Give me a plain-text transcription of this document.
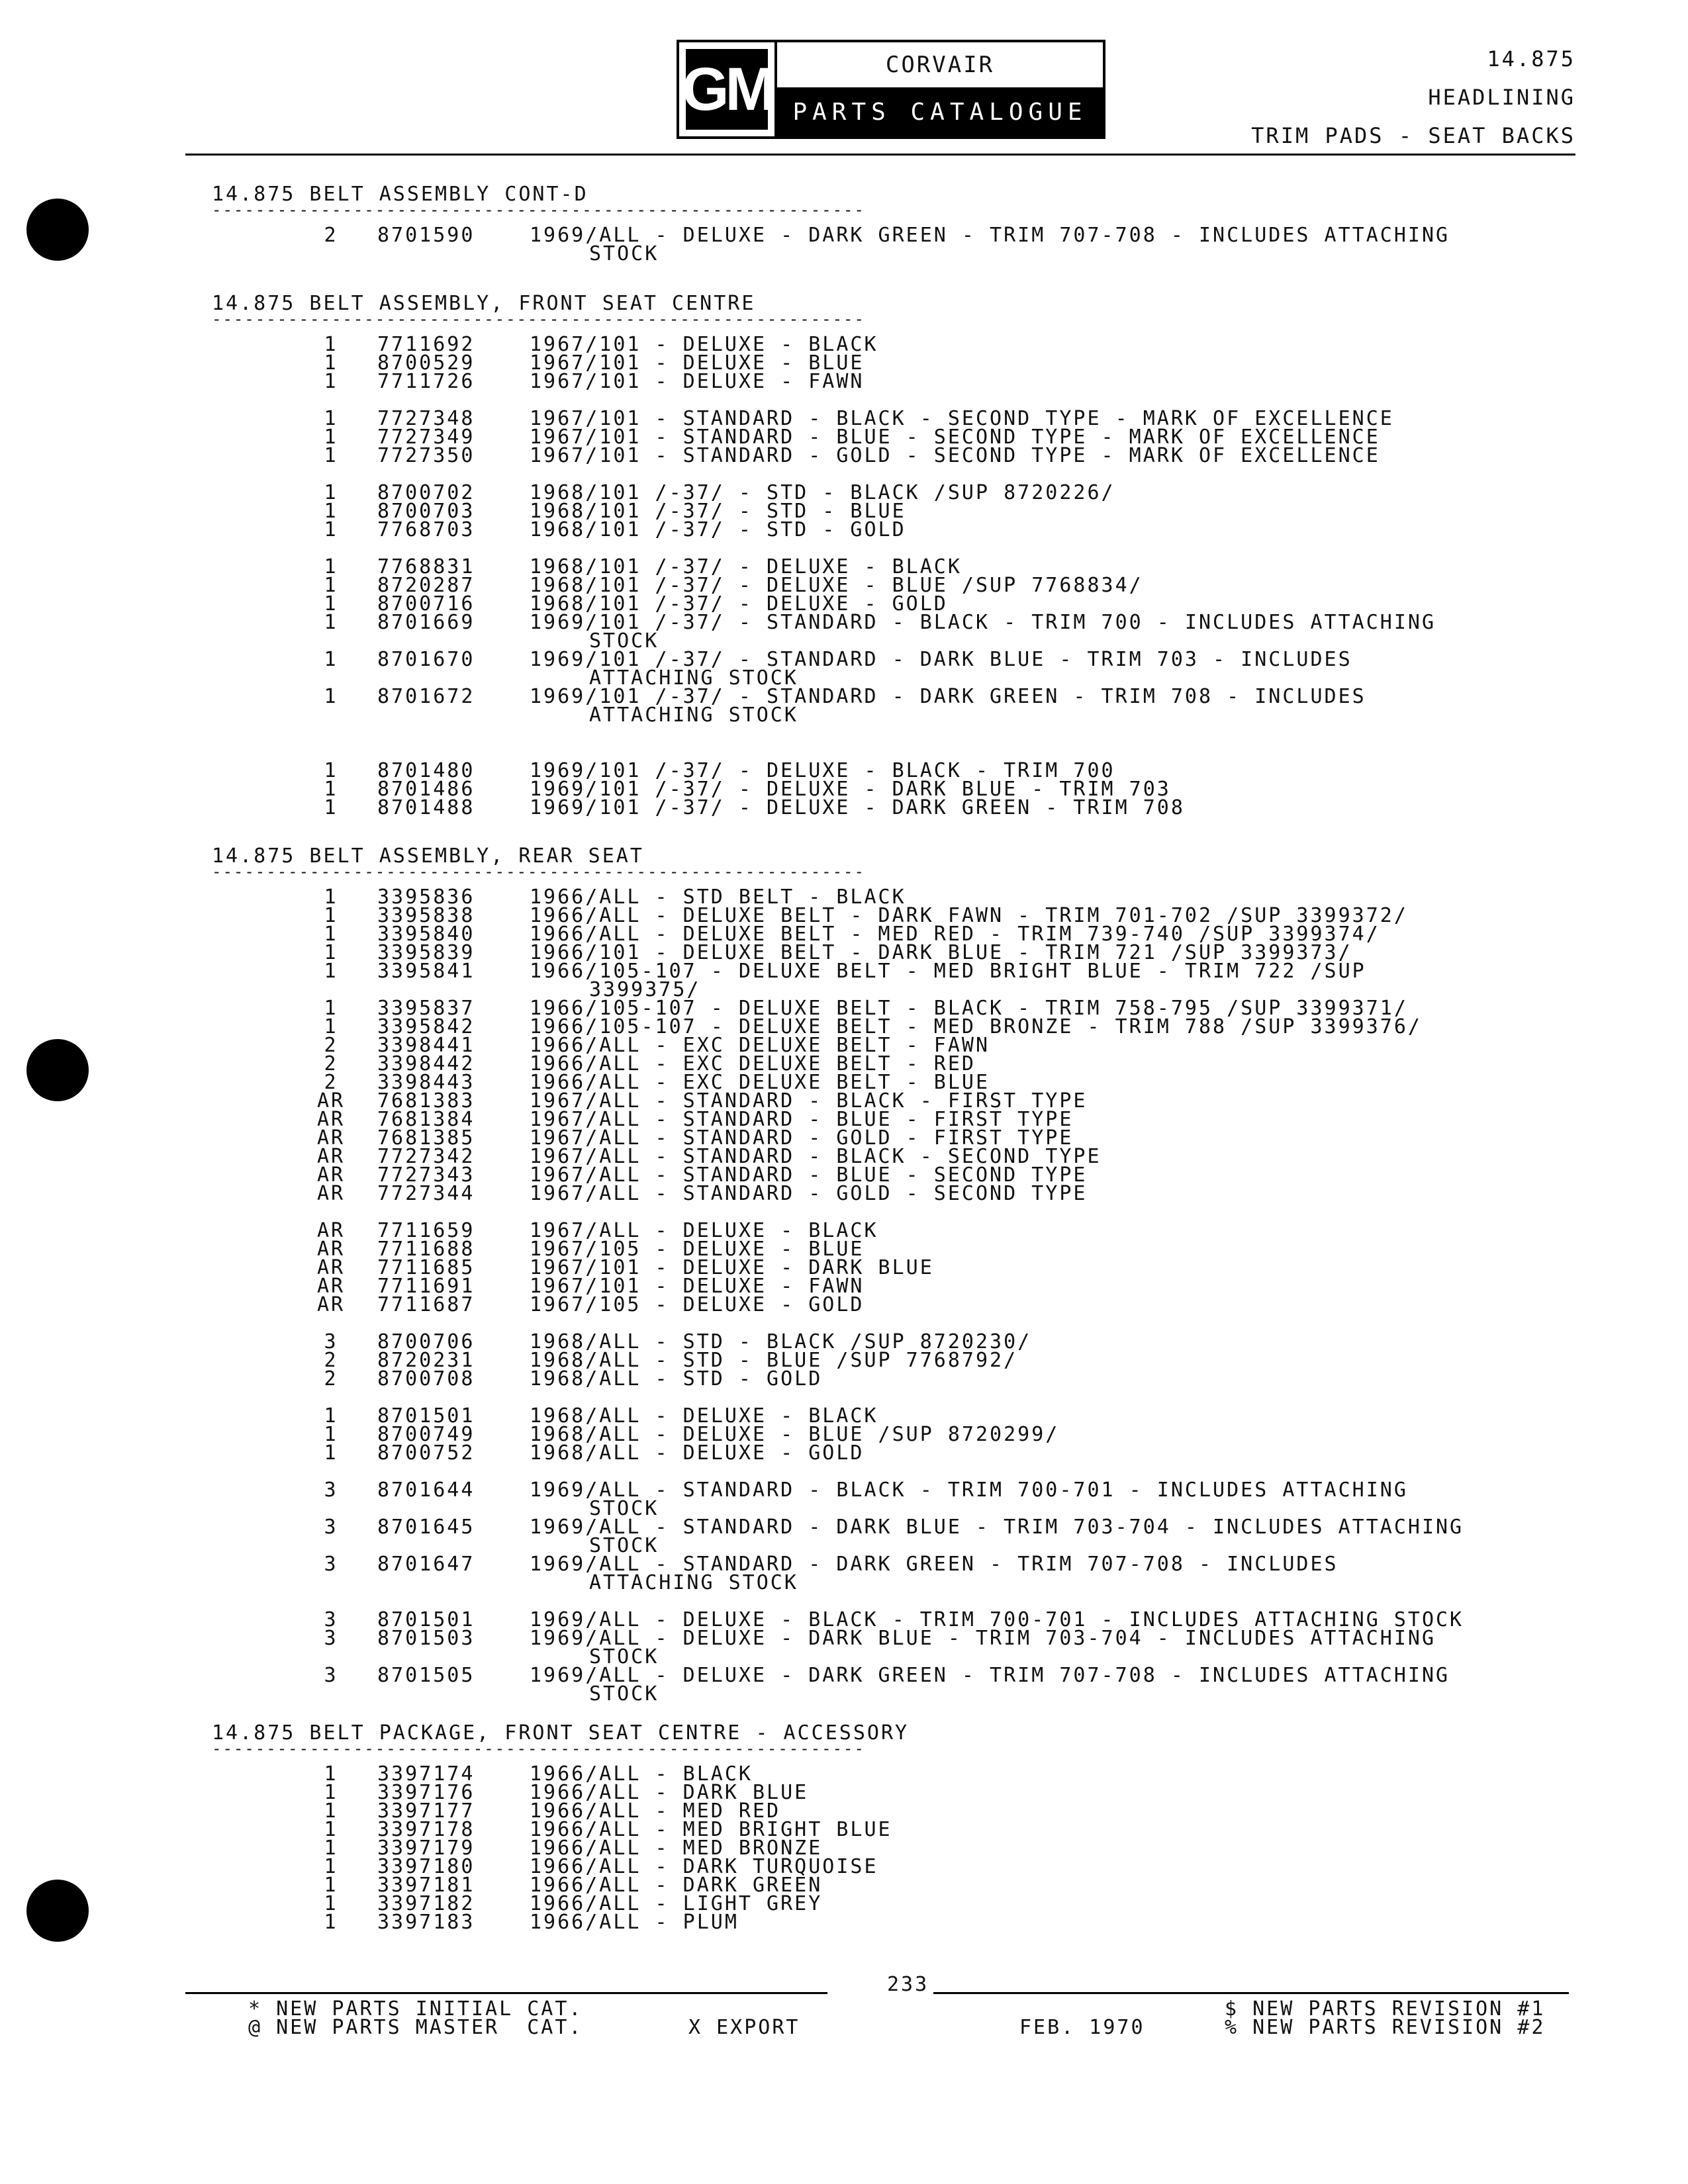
GM	CORVAIR
PARTS CATALOGUE
14.875
HEADLINING
TRIM PADS - SEAT BACKS
14.875 BELT ASSEMBLY CONT-D
------------------------------------------------------------
2	8701590	1969/ALL - DELUXE - DARK GREEN - TRIM 707-708 - INCLUDES ATTACHING
STOCK
14.875 BELT ASSEMBLY, FRONT SEAT CENTRE
------------------------------------------------------------
1	7711692	1967/101 - DELUXE - BLACK
1	8700529	1967/101 - DELUXE - BLUE
1	7711726	1967/101 - DELUXE - FAWN
1	7727348	1967/101 - STANDARD - BLACK - SECOND TYPE - MARK OF EXCELLENCE
1	7727349	1967/101 - STANDARD - BLUE - SECOND TYPE - MARK OF EXCELLENCE
1	7727350	1967/101 - STANDARD - GOLD - SECOND TYPE - MARK OF EXCELLENCE
1	8700702	1968/101 /-37/ - STD - BLACK /SUP 8720226/
1	8700703	1968/101 /-37/ - STD - BLUE
1	7768703	1968/101 /-37/ - STD - GOLD
1	7768831	1968/101 /-37/ - DELUXE - BLACK
1	8720287	1968/101 /-37/ - DELUXE - BLUE /SUP 7768834/
1	8700716	1968/101 /-37/ - DELUXE - GOLD
1	8701669	1969/101 /-37/ - STANDARD - BLACK - TRIM 700 - INCLUDES ATTACHING
STOCK
1	8701670	1969/101 /-37/ - STANDARD - DARK BLUE - TRIM 703 - INCLUDES
ATTACHING STOCK
1	8701672	1969/101 /-37/ - STANDARD - DARK GREEN - TRIM 708 - INCLUDES
ATTACHING STOCK
1	8701480	1969/101 /-37/ - DELUXE - BLACK - TRIM 700
1	8701486	1969/101 /-37/ - DELUXE - DARK BLUE - TRIM 703
1	8701488	1969/101 /-37/ - DELUXE - DARK GREEN - TRIM 708
14.875 BELT ASSEMBLY, REAR SEAT
------------------------------------------------------------
1	3395836	1966/ALL - STD BELT - BLACK
1	3395838	1966/ALL - DELUXE BELT - DARK FAWN - TRIM 701-702 /SUP 3399372/
1	3395840	1966/ALL - DELUXE BELT - MED RED - TRIM 739-740 /SUP 3399374/
1	3395839	1966/101 - DELUXE BELT - DARK BLUE - TRIM 721 /SUP 3399373/
1	3395841	1966/105-107 - DELUXE BELT - MED BRIGHT BLUE - TRIM 722 /SUP
3399375/
1	3395837	1966/105-107 - DELUXE BELT - BLACK - TRIM 758-795 /SUP 3399371/
1	3395842	1966/105-107 - DELUXE BELT - MED BRONZE - TRIM 788 /SUP 3399376/
2	3398441	1966/ALL - EXC DELUXE BELT - FAWN
2	3398442	1966/ALL - EXC DELUXE BELT - RED
2	3398443	1966/ALL - EXC DELUXE BELT - BLUE
AR 7681383	1967/ALL - STANDARD - BLACK - FIRST TYPE
AR 7681384	1967/ALL - STANDARD - BLUE - FIRST TYPE
AR 7681385	1967/ALL - STANDARD - GOLD - FIRST TYPE
AR 7727342	1967/ALL - STANDARD - BLACK - SECOND TYPE
AR 7727343	1967/ALL - STANDARD - BLUE - SECOND TYPE
AR 7727344	1967/ALL - STANDARD - GOLD - SECOND TYPE
AR 7711659	1967/ALL - DELUXE - BLACK
AR 7711688	1967/105 - DELUXE - BLUE
AR 7711685	1967/101 - DELUXE - DARK BLUE
AR 7711691	1967/101 - DELUXE - FAWN
AR 7711687	1967/105 - DELUXE - GOLD
3	8700706	1968/ALL - STD - BLACK /SUP 8720230/
2	8720231	1968/ALL - STD - BLUE /SUP 7768792/
2	8700708	1968/ALL - STD - GOLD
1	8701501	1968/ALL - DELUXE - BLACK
1	8700749	1968/ALL - DELUXE - BLUE /SUP 8720299/
1	8700752	1968/ALL - DELUXE - GOLD
3	8701644	1969/ALL - STANDARD - BLACK - TRIM 700-701 - INCLUDES ATTACHING
STOCK
3	8701645	1969/ALL - STANDARD - DARK BLUE - TRIM 703-704 - INCLUDES ATTACHING
STOCK
3	8701647	1969/ALL - STANDARD - DARK GREEN - TRIM 707-708 - INCLUDES
ATTACHING STOCK
3	8701501	1969/ALL - DELUXE - BLACK - TRIM 700-701 - INCLUDES ATTACHING STOCK
3	8701503	1969/ALL - DELUXE - DARK BLUE - TRIM 703-704 - INCLUDES ATTACHING
STOCK
3	8701505	1969/ALL - DELUXE - DARK GREEN - TRIM 707-708 - INCLUDES ATTACHING
STOCK
14.875 BELT PACKAGE, FRONT SEAT CENTRE - ACCESSORY
------------------------------------------------------------
1	3397174	1966/ALL - BLACK
1	3397176	1966/ALL - DARK BLUE
1	3397177	1966/ALL - MED RED
1	3397178	1966/ALL - MED BRIGHT BLUE
1	3397179	1966/ALL - MED BRONZE
1	3397180	1966/ALL - DARK TURQUOISE
1	3397181	1966/ALL - DARK GREEN
1	3397182	1966/ALL - LIGHT GREY
1	3397183	1966/ALL - PLUM
233
* NEW PARTS INITIAL CAT.
@ NEW PARTS MASTER  CAT.	X EXPORT	FEB. 1970
$ NEW PARTS REVISION #1
% NEW PARTS REVISION #2
